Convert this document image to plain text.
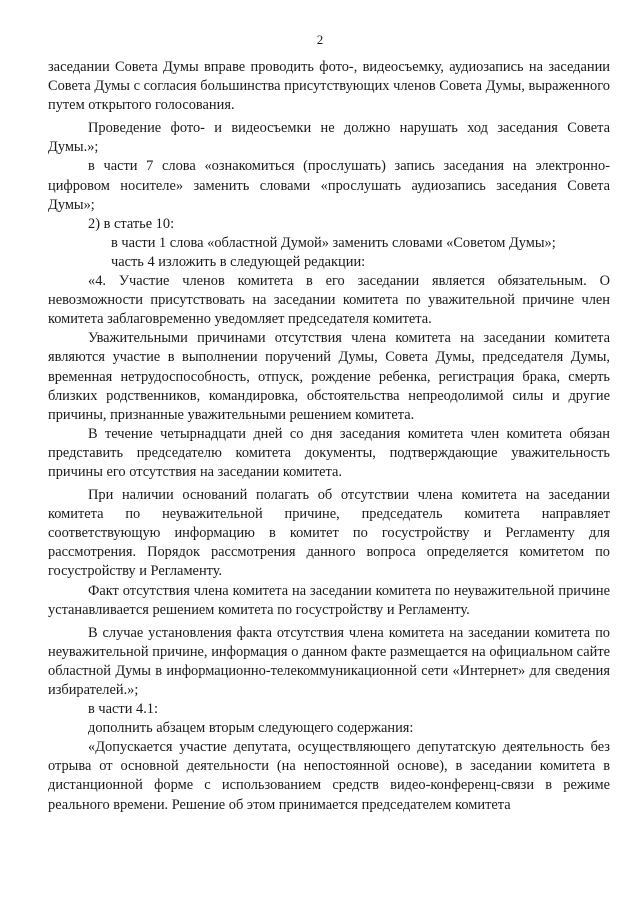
2

заседании Совета Думы вправе проводить фото-, видеосъемку, аудиозапись на заседании Совета Думы с согласия большинства присутствующих членов Совета Думы, выраженного путем открытого голосования.

Проведение фото- и видеосъемки не должно нарушать ход заседания Совета Думы.»;

в части 7 слова «ознакомиться (прослушать) запись заседания на электронно-цифровом носителе» заменить словами «прослушать аудиозапись заседания Совета Думы»;

2) в статье 10:

в части 1 слова «областной Думой» заменить словами «Советом Думы»;

часть 4 изложить в следующей редакции:

«4. Участие членов комитета в его заседании является обязательным. О невозможности присутствовать на заседании комитета по уважительной причине член комитета заблаговременно уведомляет председателя комитета.

Уважительными причинами отсутствия члена комитета на заседании комитета являются участие в выполнении поручений Думы, Совета Думы, председателя Думы, временная нетрудоспособность, отпуск, рождение ребенка, регистрация брака, смерть близких родственников, командировка, обстоятельства непреодолимой силы и другие причины, признанные уважительными решением комитета.

В течение четырнадцати дней со дня заседания комитета член комитета обязан представить председателю комитета документы, подтверждающие уважительность причины его отсутствия на заседании комитета.

При наличии оснований полагать об отсутствии члена комитета на заседании комитета по неуважительной причине, председатель комитета направляет соответствующую информацию в комитет по госустройству и Регламенту для рассмотрения. Порядок рассмотрения данного вопроса определяется комитетом по госустройству и Регламенту.

Факт отсутствия члена комитета на заседании комитета по неуважительной причине устанавливается решением комитета по госустройству и Регламенту.

В случае установления факта отсутствия члена комитета на заседании комитета по неуважительной причине, информация о данном факте размещается на официальном сайте областной Думы в информационно-телекоммуникационной сети «Интернет» для сведения избирателей.»;

в части 4.1:

дополнить абзацем вторым следующего содержания:

«Допускается участие депутата, осуществляющего депутатскую деятельность без отрыва от основной деятельности (на непостоянной основе), в заседании комитета в дистанционной форме с использованием средств видео-конференц-связи в режиме реального времени. Решение об этом принимается председателем комитета
